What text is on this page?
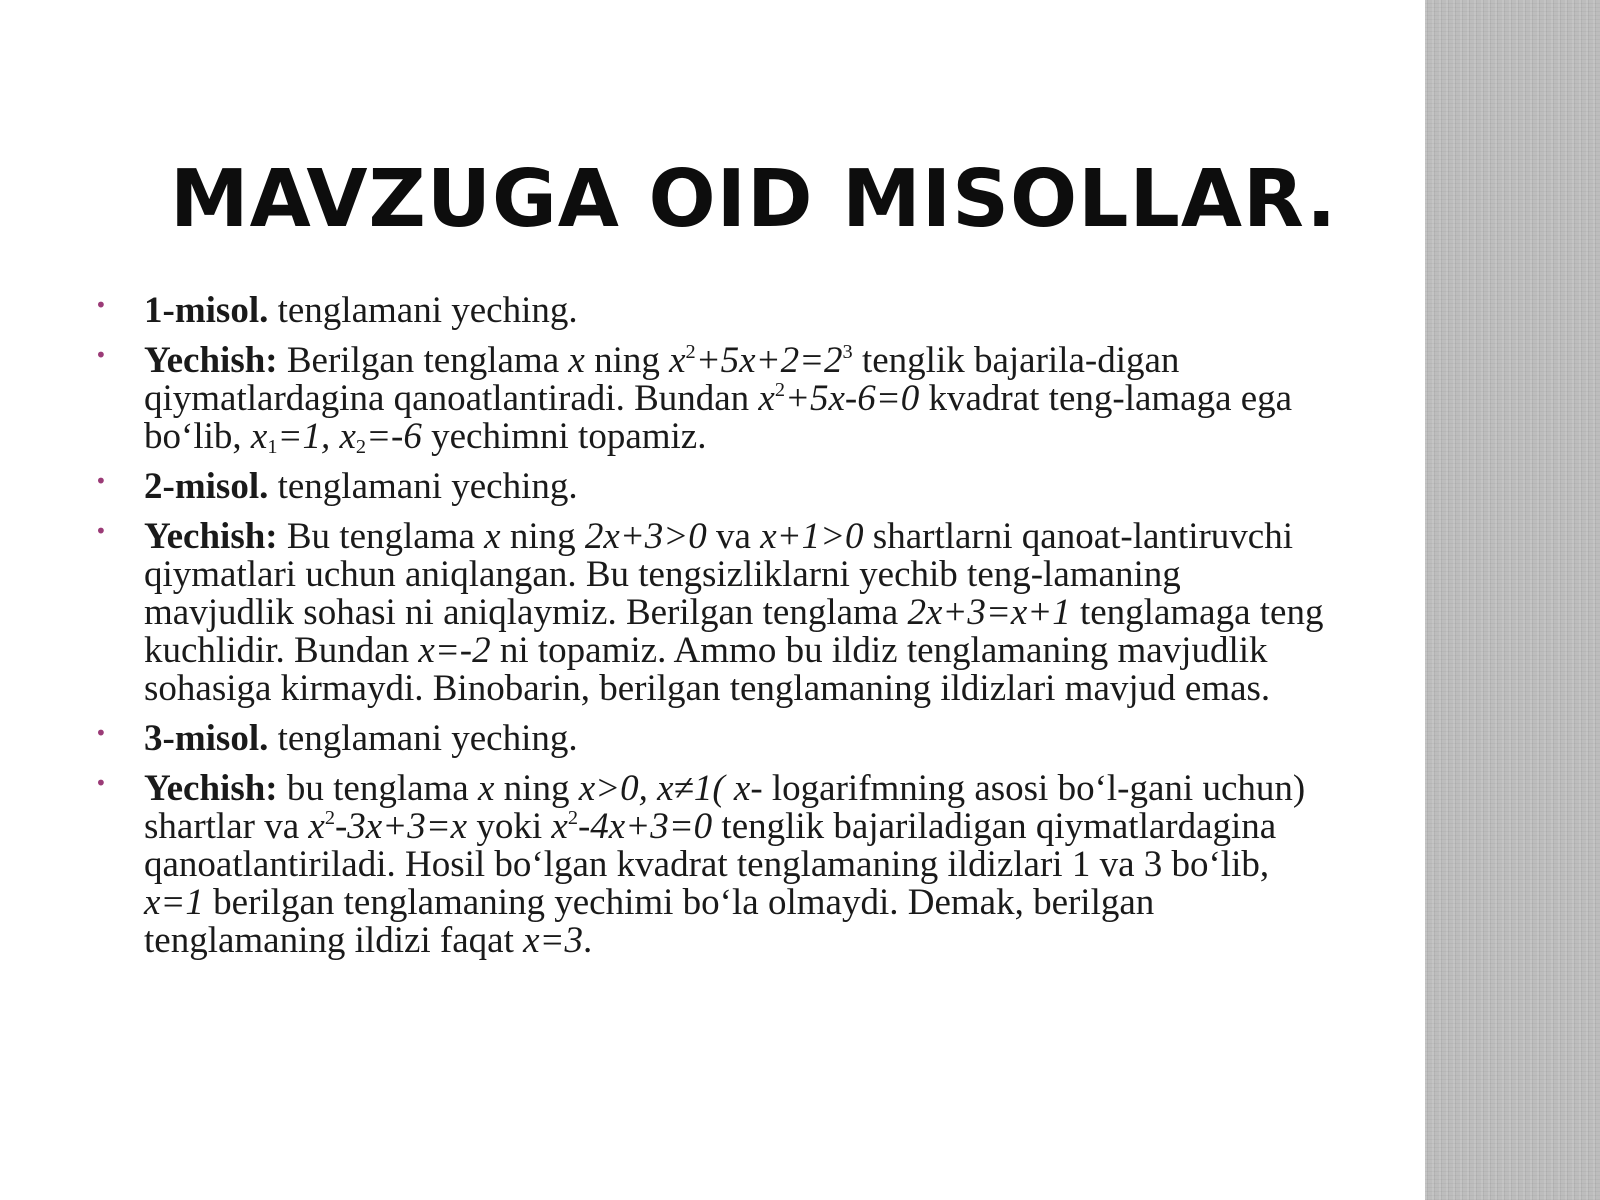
MAVZUGA OID MISOLLAR.
• 1-misol. tenglamani yeching.
• Yechish: Berilgan tenglama x ning $x^2+5x+2=2^3$ tenglik bajarila-digan qiymatlardagina qanoatlantiradi. Bundan $x^2+5x-6=0$ kvadrat teng-lamaga ega bo‘lib, $x_1=1$, $x_2=-6$ yechimni topamiz.
• 2-misol. tenglamani yeching.
• Yechish: Bu tenglama x ning 2x+3>0 va x+1>0 shartlarni qanoat-lantiruvchi qiymatlari uchun aniqlangan. Bu tengsizliklarni yechib teng-lamaning mavjudlik sohasi ni aniqlaymiz. Berilgan tenglama 2x+3=x+1 tenglamaga teng kuchlidir. Bundan x=-2 ni topamiz. Ammo bu ildiz tenglamaning mavjudlik sohasiga kirmaydi. Binobarin, berilgan tenglamaning ildizlari mavjud emas.
• 3-misol. tenglamani yeching.
• Yechish: bu tenglama x ning x>0, x≠1( x- logarifmning asosi bo‘l-gani uchun) shartlar va $x^2-3x+3=x$ yoki $x^2-4x+3=0$ tenglik bajariladigan qiymatlardagina qanoatlantiriladi. Hosil bo‘lgan kvadrat tenglamaning ildizlari 1 va 3 bo‘lib, x=1 berilgan tenglamaning yechimi bo‘la olmaydi. Demak, berilgan tenglamaning ildizi faqat x=3.
